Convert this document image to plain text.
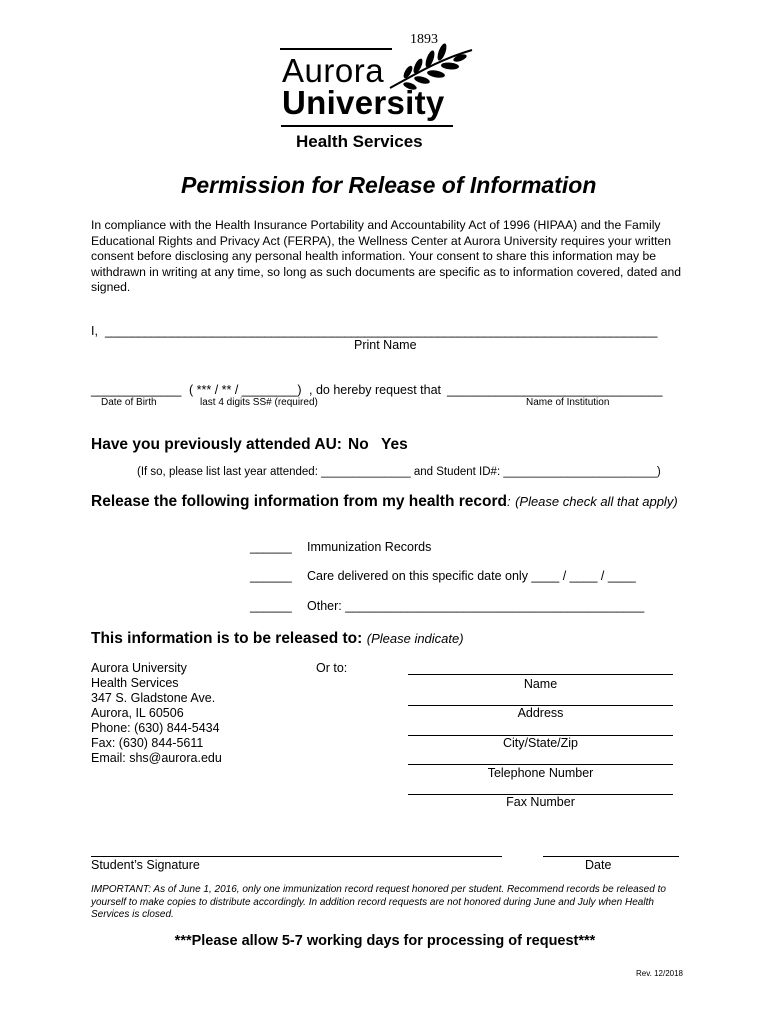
1893
Aurora
University
Health Services
Permission for Release of Information
In compliance with the Health Insurance Portability and Accountability Act of 1996 (HIPAA) and the Family Educational Rights and Privacy Act (FERPA), the Wellness Center at Aurora University requires your written consent before disclosing any personal health information. Your consent to share this information may be withdrawn in writing at any time, so long as such documents are specific as to information covered, dated and signed.
I, ___________________________________________________________________________________
Print Name
_____________ ( *** / ** / ________) , do hereby request that _______________________________
Date of Birth	last 4 digits SS# (required)	Name of Institution
Have you previously attended AU: No Yes
(If so, please list last year attended: ______________ and Student ID#: ________________________)
Release the following information from my health record: (Please check all that apply)
______ Immunization Records
______ Care delivered on this specific date only ____ / ____ / ____
______ Other: ___________________________________________
This information is to be released to: (Please indicate)
Aurora University
Health Services
347 S. Gladstone Ave.
Aurora, IL 60506
Phone: (630) 844-5434
Fax: (630) 844-5611
Email: shs@aurora.edu
Or to:
Name
Address
City/State/Zip
Telephone Number
Fax Number
Student’s Signature	Date
IMPORTANT: As of June 1, 2016, only one immunization record request honored per student. Recommend records be released to yourself to make copies to distribute accordingly. In addition record requests are not honored during June and July when Health Services is closed.
***Please allow 5-7 working days for processing of request***
Rev. 12/2018
